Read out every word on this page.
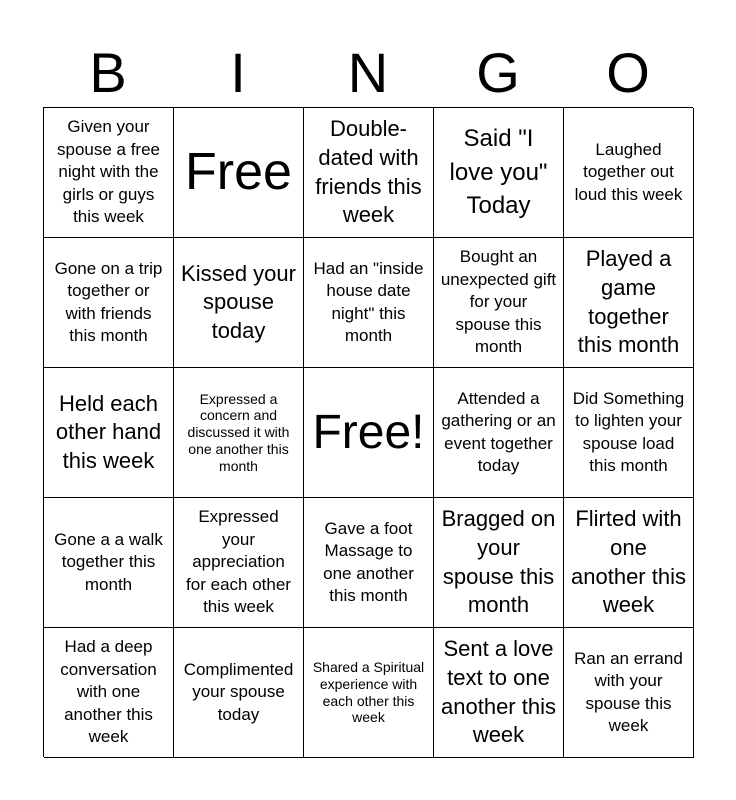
B	I	N	G	O
Given your spouse a free night with the girls or guys this week
Free
Double-dated with friends this week
Said "I love you" Today
Laughed together out loud this week
Gone on a trip together or with friends this month
Kissed your spouse today
Had an "inside house date night" this month
Bought an unexpected gift for your spouse this month
Played a game together this month
Held each other hand this week
Expressed a concern and discussed it with one another this month
Free!
Attended a gathering or an event together today
Did Something to lighten your spouse load this month
Gone a a walk together this month
Expressed your appreciation for each other this week
Gave a foot Massage to one another this month
Bragged on your spouse this month
Flirted with one another this week
Had a deep conversation with one another this week
Complimented your spouse today
Shared a Spiritual experience with each other this week
Sent a love text to one another this week
Ran an errand with your spouse this week
